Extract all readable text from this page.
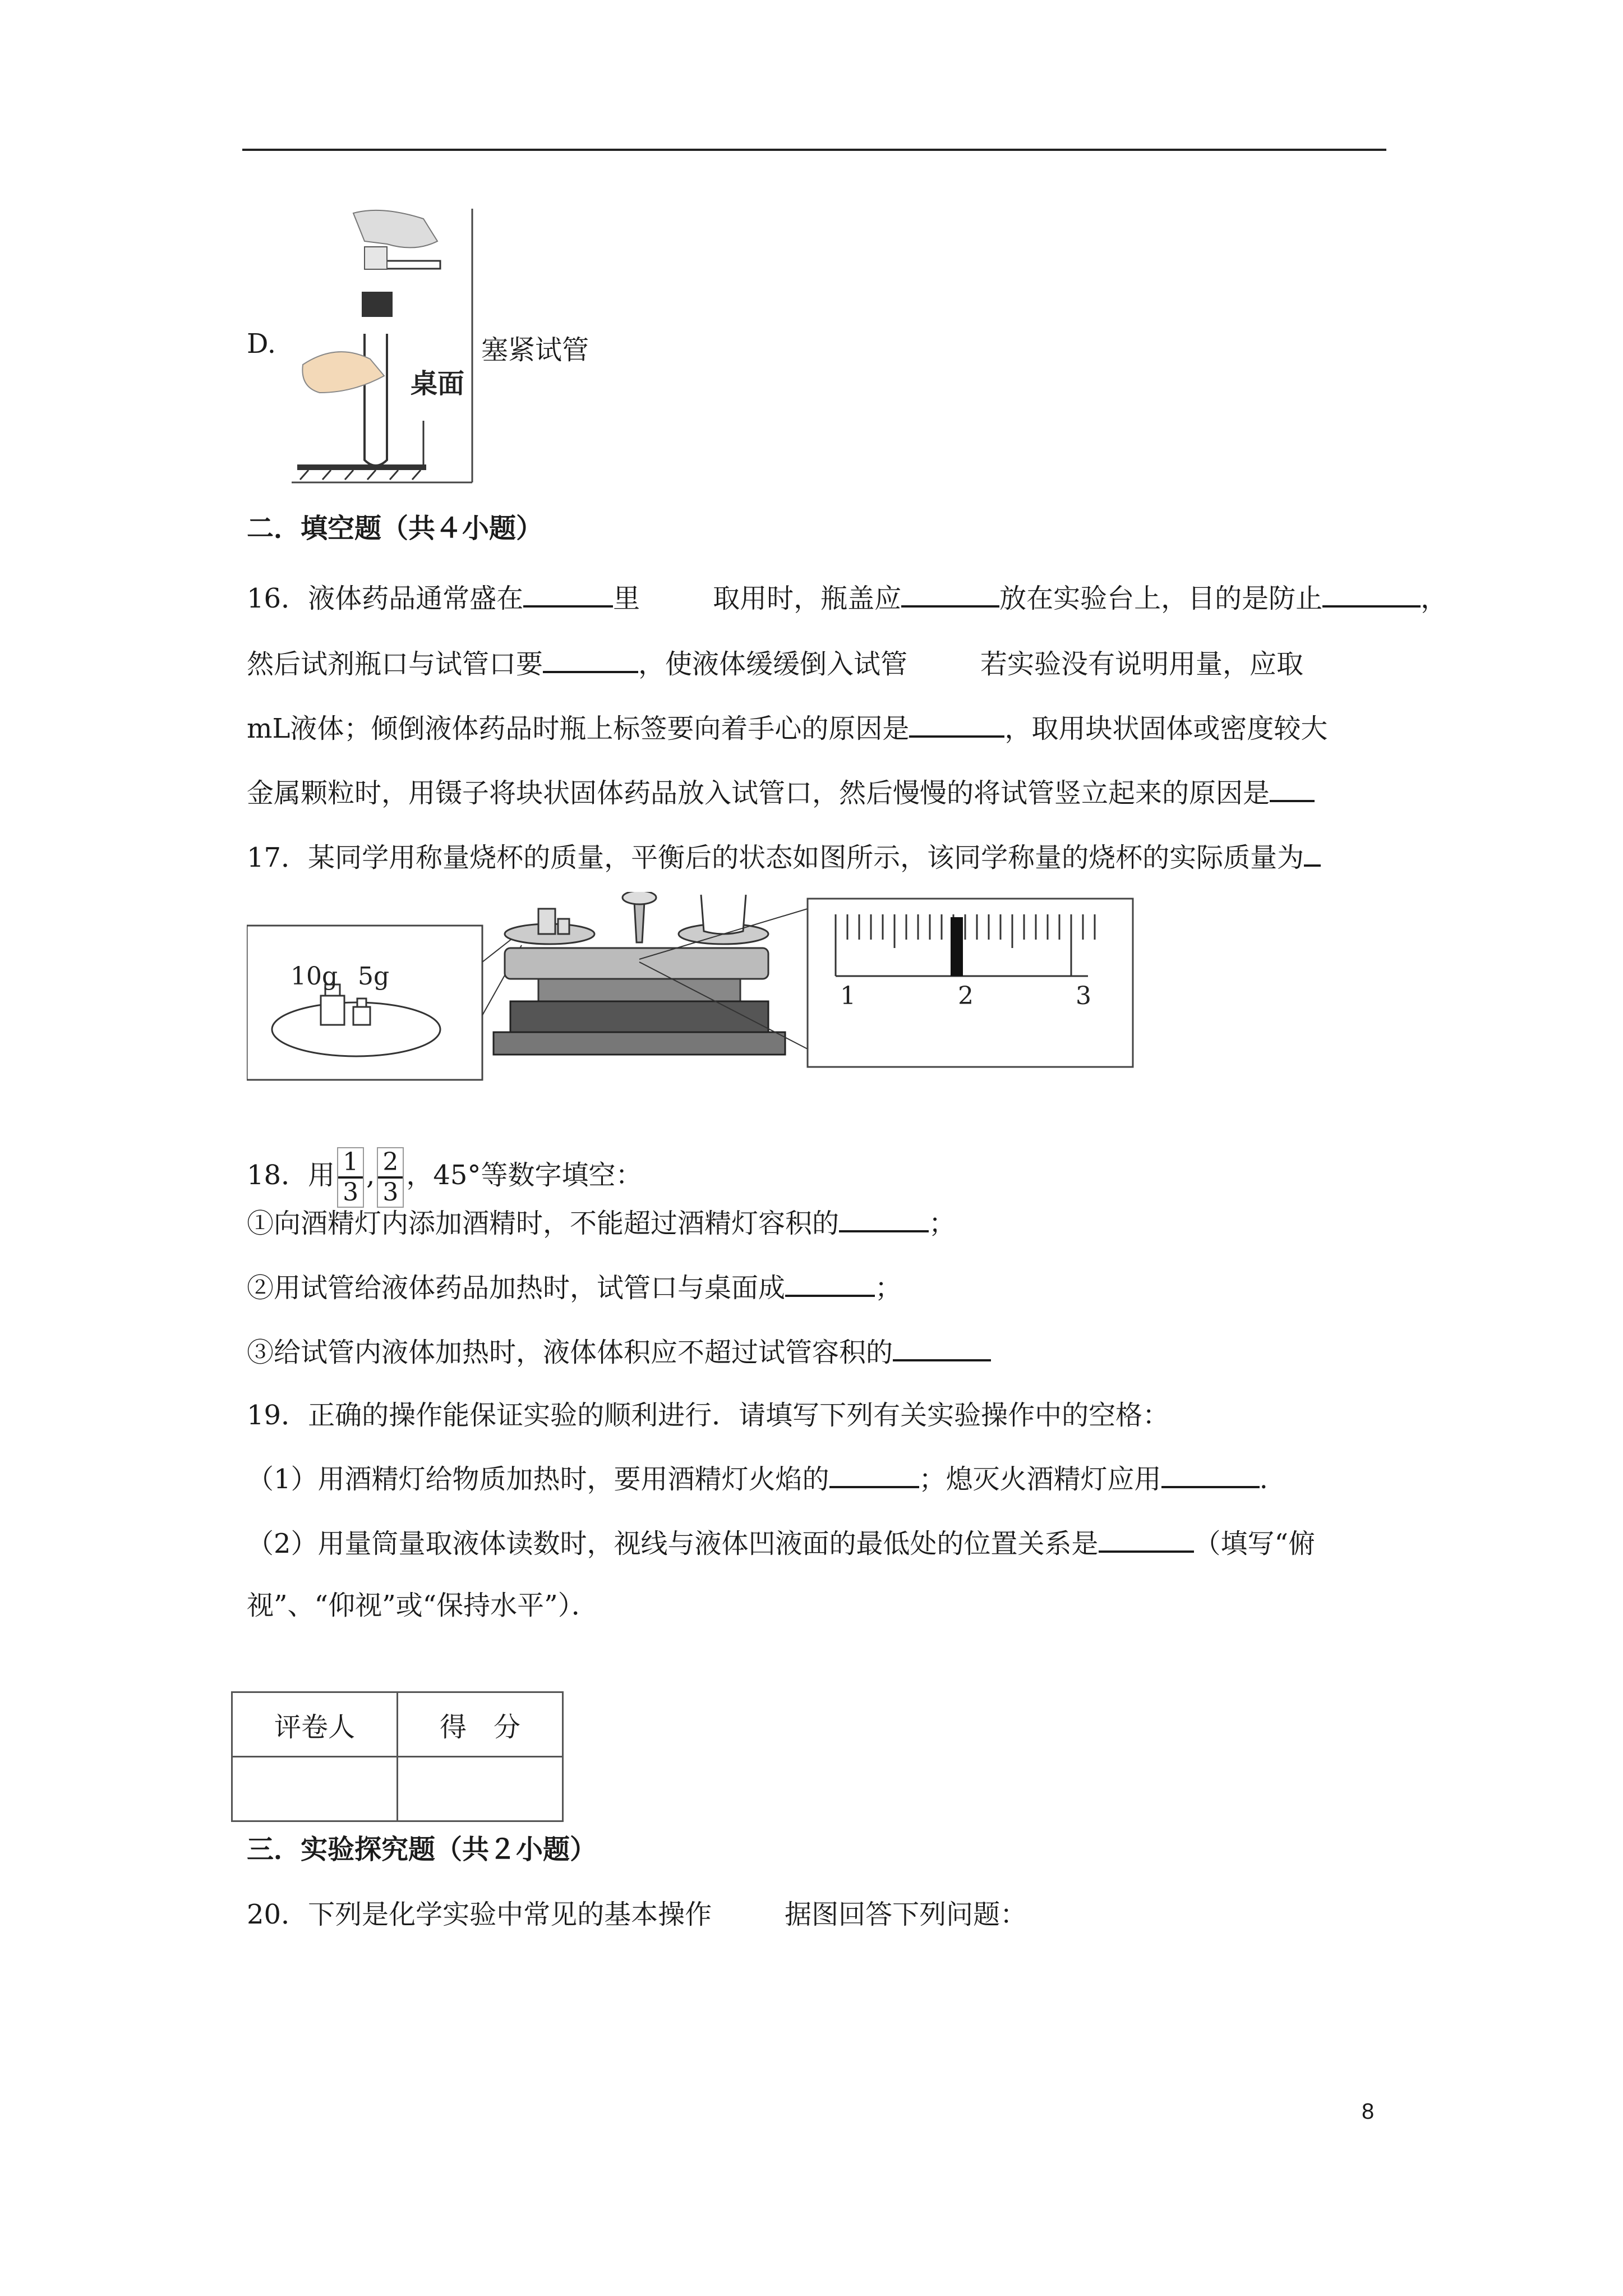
D.
桌面
塞紧试管
二．填空题（共４小题）
16．液体药品通常盛在	里	取用时，瓶盖应	放在实验台上，目的是防止	，
然后试剂瓶口与试管口要	，使液体缓缓倒入试管	若实验没有说明用量，应取
mL液体；倾倒液体药品时瓶上标签要向着手心的原因是	，取用块状固体或密度较大
金属颗粒时，用镊子将块状固体药品放入试管口，然后慢慢的将试管竖立起来的原因是
17．某同学用称量烧杯的质量，平衡后的状态如图所示，该同学称量的烧杯的实际质量为
10g 5g
1	2	3
18．用 $\frac{1}{3}$ , $\frac{2}{3}$ ，45°等数字填空：
①向酒精灯内添加酒精时，不能超过酒精灯容积的	；
②用试管给液体药品加热时，试管口与桌面成	；
③给试管内液体加热时，液体体积应不超过试管容积的
19．正确的操作能保证实验的顺利进行．请填写下列有关实验操作中的空格：
（1）用酒精灯给物质加热时，要用酒精灯火焰的	；熄灭火酒精灯应用	.
（2）用量筒量取液体读数时，视线与液体凹液面的最低处的位置关系是	（填写“俯
视”、“仰视”或“保持水平”）．
评卷人	得　分

三．实验探究题（共２小题）
20．下列是化学实验中常见的基本操作	据图回答下列问题：
8
